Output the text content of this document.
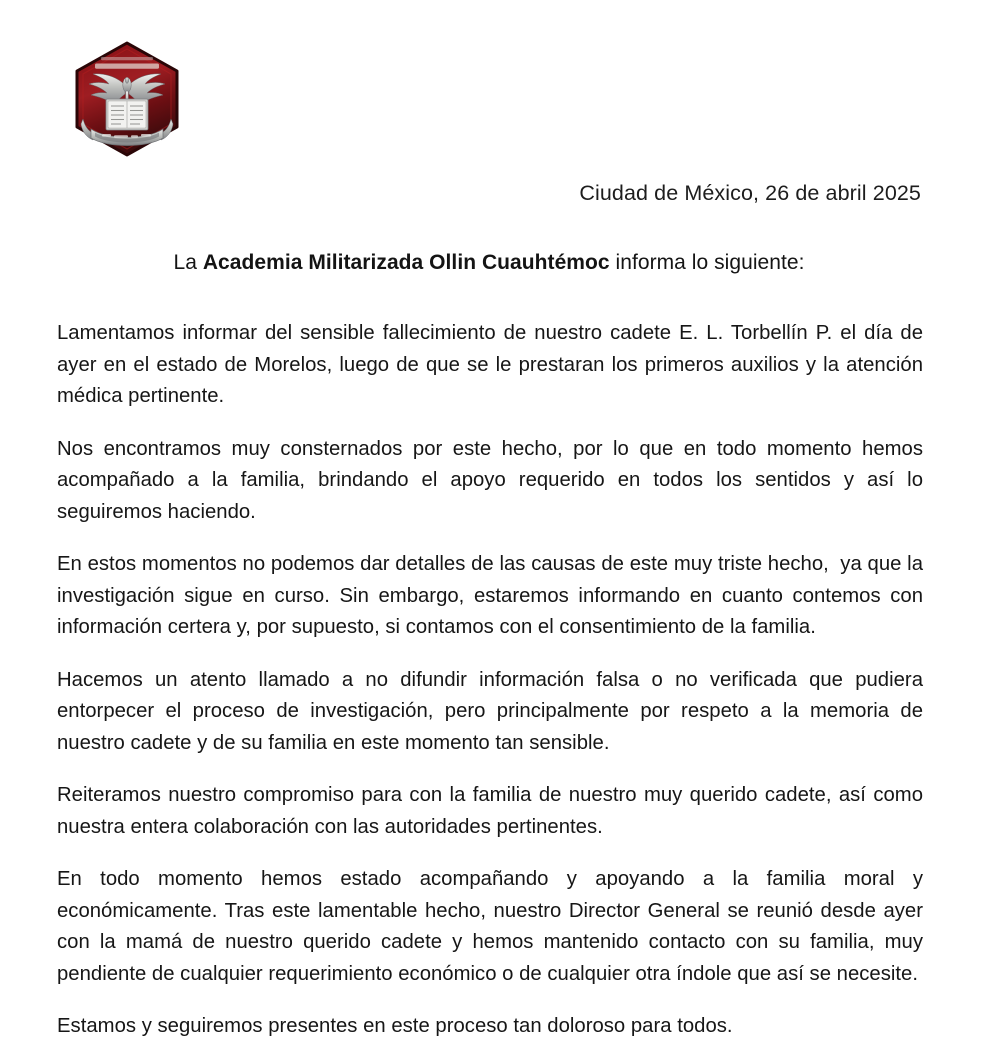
Ciudad de México, 26 de abril 2025
La Academia Militarizada Ollin Cuauhtémoc informa lo siguiente:

Lamentamos informar del sensible fallecimiento de nuestro cadete E. L. Torbellín P. el día de ayer en el estado de Morelos, luego de que se le prestaran los primeros auxilios y la atención médica pertinente.

Nos encontramos muy consternados por este hecho, por lo que en todo momento hemos acompañado a la familia, brindando el apoyo requerido en todos los sentidos y así lo seguiremos haciendo.

En estos momentos no podemos dar detalles de las causas de este muy triste hecho,  ya que la investigación sigue en curso. Sin embargo, estaremos informando en cuanto contemos con información certera y, por supuesto, si contamos con el consentimiento de la familia.

Hacemos un atento llamado a no difundir información falsa o no verificada que pudiera entorpecer el proceso de investigación, pero principalmente por respeto a la memoria de nuestro cadete y de su familia en este momento tan sensible.

Reiteramos nuestro compromiso para con la familia de nuestro muy querido cadete, así como nuestra entera colaboración con las autoridades pertinentes.

En todo momento hemos estado acompañando y apoyando a la familia moral y económicamente. Tras este lamentable hecho, nuestro Director General se reunió desde ayer con la mamá de nuestro querido cadete y hemos mantenido contacto con su familia, muy pendiente de cualquier requerimiento económico o de cualquier otra índole que así se necesite.

Estamos y seguiremos presentes en este proceso tan doloroso para todos.
